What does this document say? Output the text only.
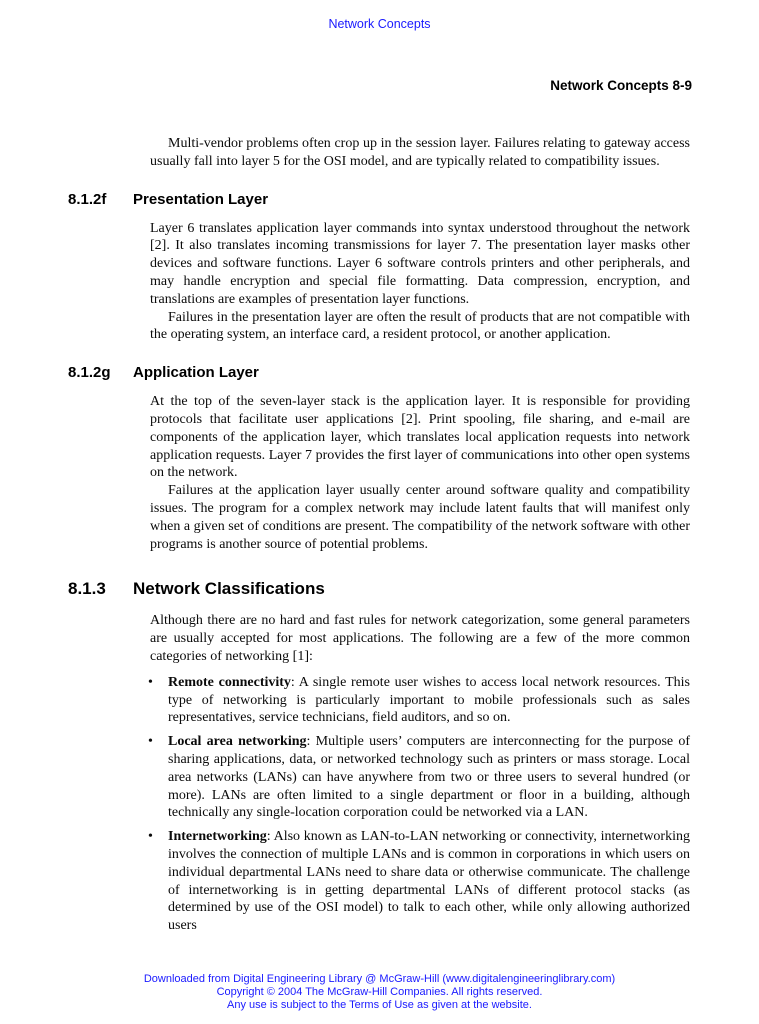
Network Concepts
Network Concepts 8-9

Multi-vendor problems often crop up in the session layer. Failures relating to gateway access usually fall into layer 5 for the OSI model, and are typically related to compatibility issues.

8.1.2f	Presentation Layer

Layer 6 translates application layer commands into syntax understood throughout the network [2]. It also translates incoming transmissions for layer 7. The presentation layer masks other devices and software functions. Layer 6 software controls printers and other peripherals, and may handle encryption and special file formatting. Data compression, encryption, and translations are examples of presentation layer functions.

Failures in the presentation layer are often the result of products that are not compatible with the operating system, an interface card, a resident protocol, or another application.

8.1.2g	Application Layer

At the top of the seven-layer stack is the application layer. It is responsible for providing protocols that facilitate user applications [2]. Print spooling, file sharing, and e-mail are components of the application layer, which translates local application requests into network application requests. Layer 7 provides the first layer of communications into other open systems on the network.

Failures at the application layer usually center around software quality and compatibility issues. The program for a complex network may include latent faults that will manifest only when a given set of conditions are present. The compatibility of the network software with other programs is another source of potential problems.

8.1.3	Network Classifications

Although there are no hard and fast rules for network categorization, some general parameters are usually accepted for most applications. The following are a few of the more common categories of networking [1]:

•	Remote connectivity: A single remote user wishes to access local network resources. This type of networking is particularly important to mobile professionals such as sales representatives, service technicians, field auditors, and so on.
•	Local area networking: Multiple users’ computers are interconnecting for the purpose of sharing applications, data, or networked technology such as printers or mass storage. Local area networks (LANs) can have anywhere from two or three users to several hundred (or more). LANs are often limited to a single department or floor in a building, although technically any single-location corporation could be networked via a LAN.
•	Internetworking: Also known as LAN-to-LAN networking or connectivity, internetworking involves the connection of multiple LANs and is common in corporations in which users on individual departmental LANs need to share data or otherwise communicate. The challenge of internetworking is in getting departmental LANs of different protocol stacks (as determined by use of the OSI model) to talk to each other, while only allowing authorized users
Downloaded from Digital Engineering Library @ McGraw-Hill (www.digitalengineeringlibrary.com)
Copyright © 2004 The McGraw-Hill Companies. All rights reserved.
Any use is subject to the Terms of Use as given at the website.
